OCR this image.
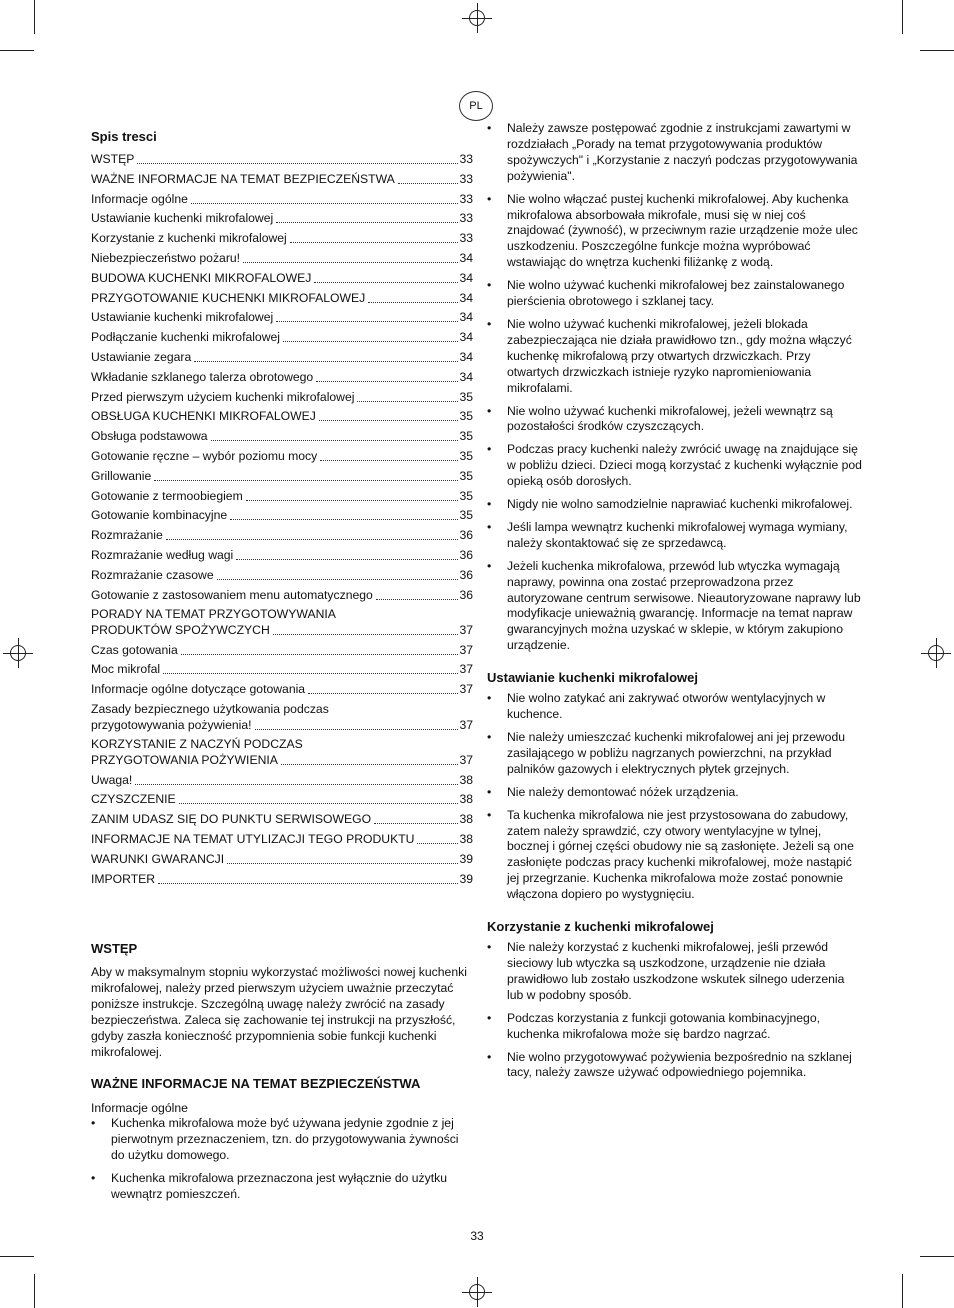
PL

Spis tresci

WSTĘP	33
WAŻNE INFORMACJE NA TEMAT BEZPIECZEŃSTWA	33
Informacje ogólne	33
Ustawianie kuchenki mikrofalowej	33
Korzystanie z kuchenki mikrofalowej	33
Niebezpieczeństwo pożaru!	34
BUDOWA KUCHENKI MIKROFALOWEJ	34
PRZYGOTOWANIE KUCHENKI MIKROFALOWEJ	34
Ustawianie kuchenki mikrofalowej	34
Podłączanie kuchenki mikrofalowej	34
Ustawianie zegara	34
Wkładanie szklanego talerza obrotowego	34
Przed pierwszym użyciem kuchenki mikrofalowej	35
OBSŁUGA KUCHENKI MIKROFALOWEJ	35
Obsługa podstawowa	35
Gotowanie ręczne – wybór poziomu mocy	35
Grillowanie	35
Gotowanie z termoobiegiem	35
Gotowanie kombinacyjne	35
Rozmrażanie	36
Rozmrażanie według wagi	36
Rozmrażanie czasowe	36
Gotowanie z zastosowaniem menu automatycznego	36
PORADY NA TEMAT PRZYGOTOWYWANIA
PRODUKTÓW SPOŻYWCZYCH	37
Czas gotowania	37
Moc mikrofal	37
Informacje ogólne dotyczące gotowania	37
Zasady bezpiecznego użytkowania podczas
przygotowywania pożywienia!	37
KORZYSTANIE Z NACZYŃ PODCZAS
PRZYGOTOWANIA POŻYWIENIA	37
Uwaga!	38
CZYSZCZENIE	38
ZANIM UDASZ SIĘ DO PUNKTU SERWISOWEGO	38
INFORMACJE NA TEMAT UTYLIZACJI TEGO PRODUKTU	38
WARUNKI GWARANCJI	39
IMPORTER	39

WSTĘP

Aby w maksymalnym stopniu wykorzystać możliwości nowej kuchenki mikrofalowej, należy przed pierwszym użyciem uważnie przeczytać poniższe instrukcje. Szczególną uwagę należy zwrócić na zasady bezpieczeństwa. Zaleca się zachowanie tej instrukcji na przyszłość, gdyby zaszła konieczność przypomnienia sobie funkcji kuchenki mikrofalowej.

WAŻNE INFORMACJE NA TEMAT BEZPIECZEŃSTWA

Informacje ogólne

• Kuchenka mikrofalowa może być używana jedynie zgodnie z jej pierwotnym przeznaczeniem, tzn. do przygotowywania żywności do użytku domowego.
• Kuchenka mikrofalowa przeznaczona jest wyłącznie do użytku wewnątrz pomieszczeń.
• Należy zawsze postępować zgodnie z instrukcjami zawartymi w rozdziałach „Porady na temat przygotowywania produktów spożywczych" i „Korzystanie z naczyń podczas przygotowywania pożywienia".
• Nie wolno włączać pustej kuchenki mikrofalowej. Aby kuchenka mikrofalowa absorbowała mikrofale, musi się w niej coś znajdować (żywność), w przeciwnym razie urządzenie może ulec uszkodzeniu. Poszczególne funkcje można wypróbować wstawiając do wnętrza kuchenki filiżankę z wodą.
• Nie wolno używać kuchenki mikrofalowej bez zainstalowanego pierścienia obrotowego i szklanej tacy.
• Nie wolno używać kuchenki mikrofalowej, jeżeli blokada zabezpieczająca nie działa prawidłowo tzn., gdy można włączyć kuchenkę mikrofalową przy otwartych drzwiczkach. Przy otwartych drzwiczkach istnieje ryzyko napromieniowania mikrofalami.
• Nie wolno używać kuchenki mikrofalowej, jeżeli wewnątrz są pozostałości środków czyszczących.
• Podczas pracy kuchenki należy zwrócić uwagę na znajdujące się w pobliżu dzieci. Dzieci mogą korzystać z kuchenki wyłącznie pod opieką osób dorosłych.
• Nigdy nie wolno samodzielnie naprawiać kuchenki mikrofalowej.
• Jeśli lampa wewnątrz kuchenki mikrofalowej wymaga wymiany, należy skontaktować się ze sprzedawcą.
• Jeżeli kuchenka mikrofalowa, przewód lub wtyczka wymagają naprawy, powinna ona zostać przeprowadzona przez autoryzowane centrum serwisowe. Nieautoryzowane naprawy lub modyfikacje unieważnią gwarancję. Informacje na temat napraw gwarancyjnych można uzyskać w sklepie, w którym zakupiono urządzenie.

Ustawianie kuchenki mikrofalowej

• Nie wolno zatykać ani zakrywać otworów wentylacyjnych w kuchence.
• Nie należy umieszczać kuchenki mikrofalowej ani jej przewodu zasilającego w pobliżu nagrzanych powierzchni, na przykład palników gazowych i elektrycznych płytek grzejnych.
• Nie należy demontować nóżek urządzenia.
• Ta kuchenka mikrofalowa nie jest przystosowana do zabudowy, zatem należy sprawdzić, czy otwory wentylacyjne w tylnej, bocznej i górnej części obudowy nie są zasłonięte. Jeżeli są one zasłonięte podczas pracy kuchenki mikrofalowej, może nastąpić jej przegrzanie. Kuchenka mikrofalowa może zostać ponownie włączona dopiero po wystygnięciu.

Korzystanie z kuchenki mikrofalowej

• Nie należy korzystać z kuchenki mikrofalowej, jeśli przewód sieciowy lub wtyczka są uszkodzone, urządzenie nie działa prawidłowo lub zostało uszkodzone wskutek silnego uderzenia lub w podobny sposób.
• Podczas korzystania z funkcji gotowania kombinacyjnego, kuchenka mikrofalowa może się bardzo nagrzać.
• Nie wolno przygotowywać pożywienia bezpośrednio na szklanej tacy, należy zawsze używać odpowiedniego pojemnika.
33
